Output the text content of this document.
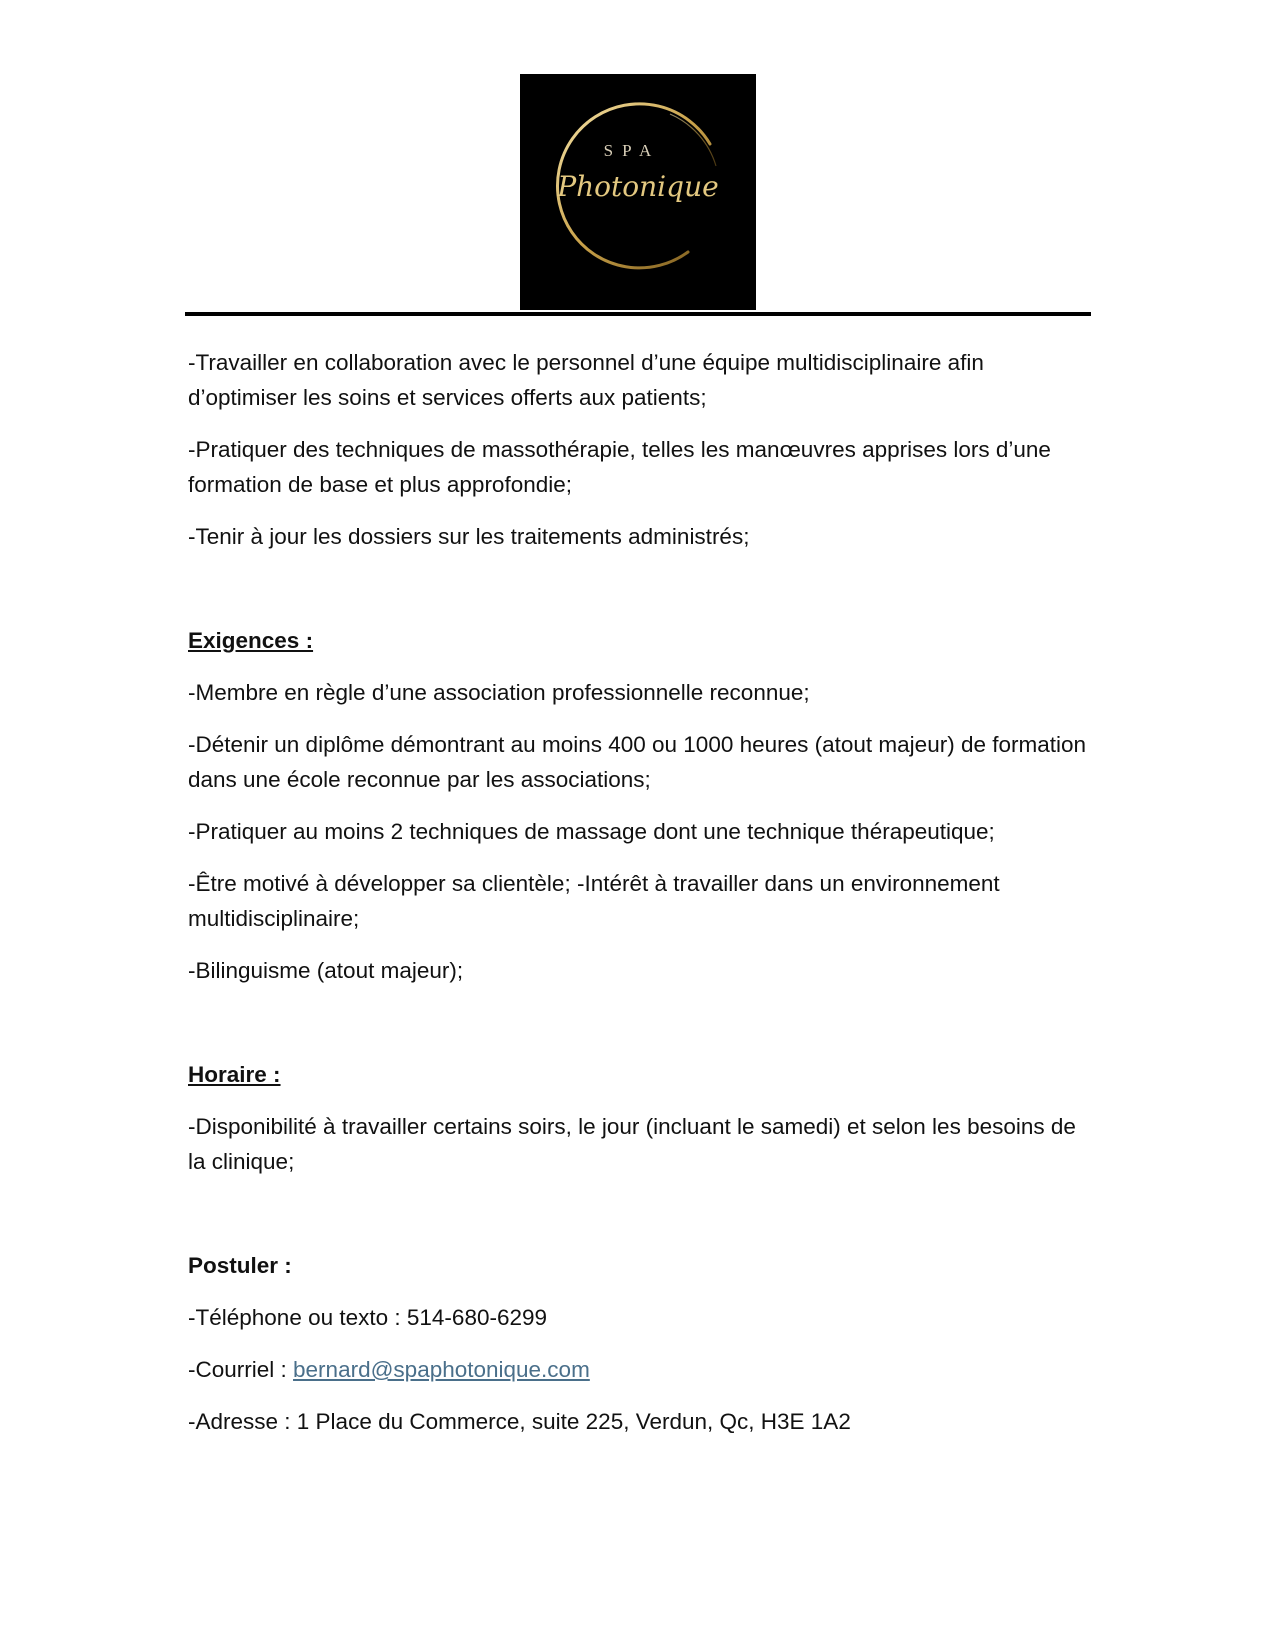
SPA
Photonique

-Travailler en collaboration avec le personnel d’une équipe multidisciplinaire afin d’optimiser les soins et services offerts aux patients;

-Pratiquer des techniques de massothérapie, telles les manœuvres apprises lors d’une formation de base et plus approfondie;

-Tenir à jour les dossiers sur les traitements administrés;

Exigences :

-Membre en règle d’une association professionnelle reconnue;

-Détenir un diplôme démontrant au moins 400 ou 1000 heures (atout majeur) de formation dans une école reconnue par les associations;

-Pratiquer au moins 2 techniques de massage dont une technique thérapeutique;

-Être motivé à développer sa clientèle; -Intérêt à travailler dans un environnement multidisciplinaire;

-Bilinguisme (atout majeur);

Horaire :

-Disponibilité à travailler certains soirs, le jour (incluant le samedi) et selon les besoins de la clinique;

Postuler :

-Téléphone ou texto : 514-680-6299

-Courriel : bernard@spaphotonique.com

-Adresse : 1 Place du Commerce, suite 225, Verdun, Qc, H3E 1A2
